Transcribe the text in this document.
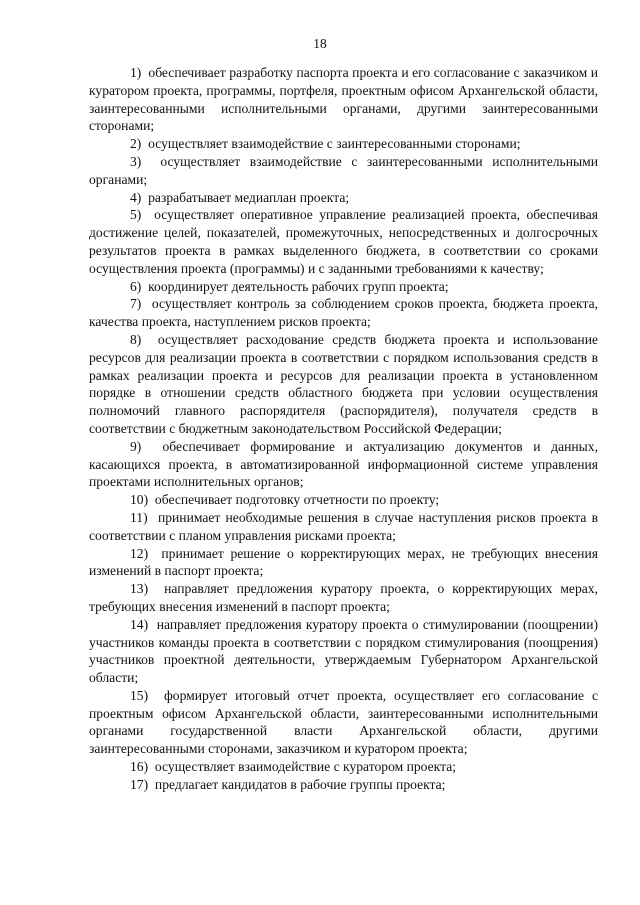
18

1)  обеспечивает разработку паспорта проекта и его согласование с заказчиком и куратором проекта, программы, портфеля, проектным офисом Архангельской области, заинтересованными исполнительными органами, другими заинтересованными сторонами;

2)  осуществляет взаимодействие с заинтересованными сторонами;

3)  осуществляет взаимодействие с заинтересованными исполнительными органами;

4)  разрабатывает медиаплан проекта;

5)  осуществляет оперативное управление реализацией проекта, обеспечивая достижение целей, показателей, промежуточных, непосредственных и долгосрочных результатов проекта в рамках выделенного бюджета, в соответствии со сроками осуществления проекта (программы) и с заданными требованиями к качеству;

6)  координирует деятельность рабочих групп проекта;

7)  осуществляет контроль за соблюдением сроков проекта, бюджета проекта, качества проекта, наступлением рисков проекта;

8)  осуществляет расходование средств бюджета проекта и использование ресурсов для реализации проекта в соответствии с порядком использования средств в рамках реализации проекта и ресурсов для реализации проекта в установленном порядке в отношении средств областного бюджета при условии осуществления полномочий главного распорядителя (распорядителя), получателя средств в соответствии с бюджетным законодательством Российской Федерации;

9)  обеспечивает формирование и актуализацию документов и данных, касающихся проекта, в автоматизированной информационной системе управления проектами исполнительных органов;

10)  обеспечивает подготовку отчетности по проекту;

11)  принимает необходимые решения в случае наступления рисков проекта в соответствии с планом управления рисками проекта;

12)  принимает решение о корректирующих мерах, не требующих внесения изменений в паспорт проекта;

13)  направляет предложения куратору проекта, о корректирующих мерах, требующих внесения изменений в паспорт проекта;

14)  направляет предложения куратору проекта о стимулировании (поощрении) участников команды проекта в соответствии с порядком стимулирования (поощрения) участников проектной деятельности, утверждаемым Губернатором Архангельской области;

15)  формирует итоговый отчет проекта, осуществляет его согласование с проектным офисом Архангельской области, заинтересованными исполнительными органами государственной власти Архангельской области, другими заинтересованными сторонами, заказчиком и куратором проекта;

16)  осуществляет взаимодействие с куратором проекта;

17)  предлагает кандидатов в рабочие группы проекта;
